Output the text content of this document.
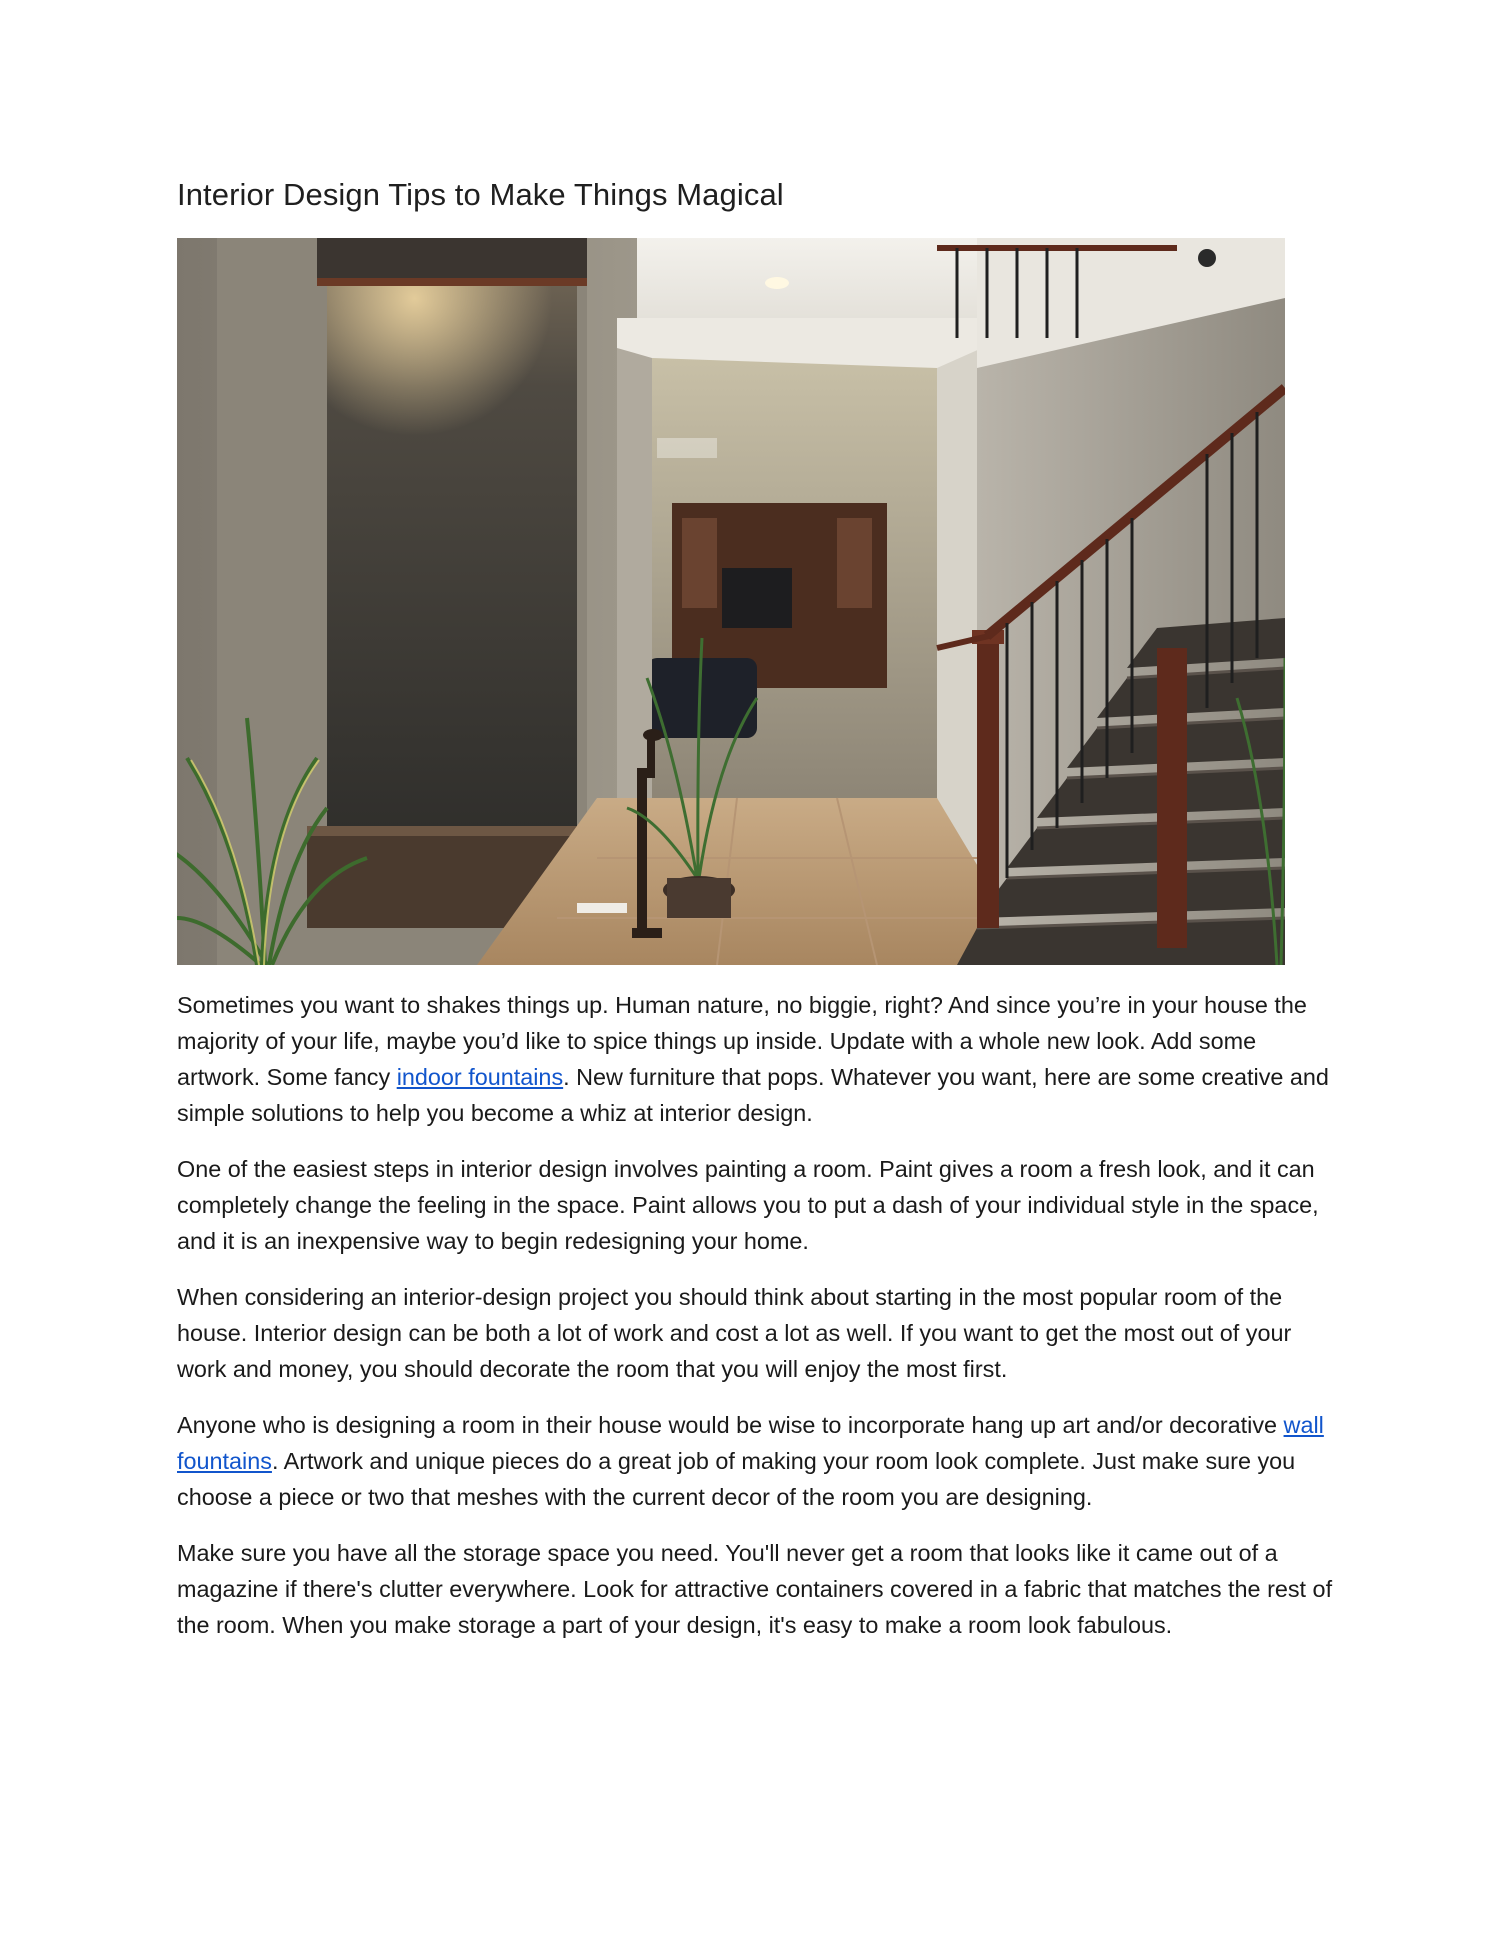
Interior Design Tips to Make Things Magical

Sometimes you want to shakes things up. Human nature, no biggie, right? And since you’re in your house the majority of your life, maybe you’d like to spice things up inside. Update with a whole new look. Add some artwork. Some fancy indoor fountains. New furniture that pops. Whatever you want, here are some creative and simple solutions to help you become a whiz at interior design.

One of the easiest steps in interior design involves painting a room. Paint gives a room a fresh look, and it can completely change the feeling in the space. Paint allows you to put a dash of your individual style in the space, and it is an inexpensive way to begin redesigning your home.

When considering an interior-design project you should think about starting in the most popular room of the house. Interior design can be both a lot of work and cost a lot as well. If you want to get the most out of your work and money, you should decorate the room that you will enjoy the most first.

Anyone who is designing a room in their house would be wise to incorporate hang up art and/or decorative wall fountains. Artwork and unique pieces do a great job of making your room look complete. Just make sure you choose a piece or two that meshes with the current decor of the room you are designing.

Make sure you have all the storage space you need. You'll never get a room that looks like it came out of a magazine if there's clutter everywhere. Look for attractive containers covered in a fabric that matches the rest of the room. When you make storage a part of your design, it's easy to make a room look fabulous.
